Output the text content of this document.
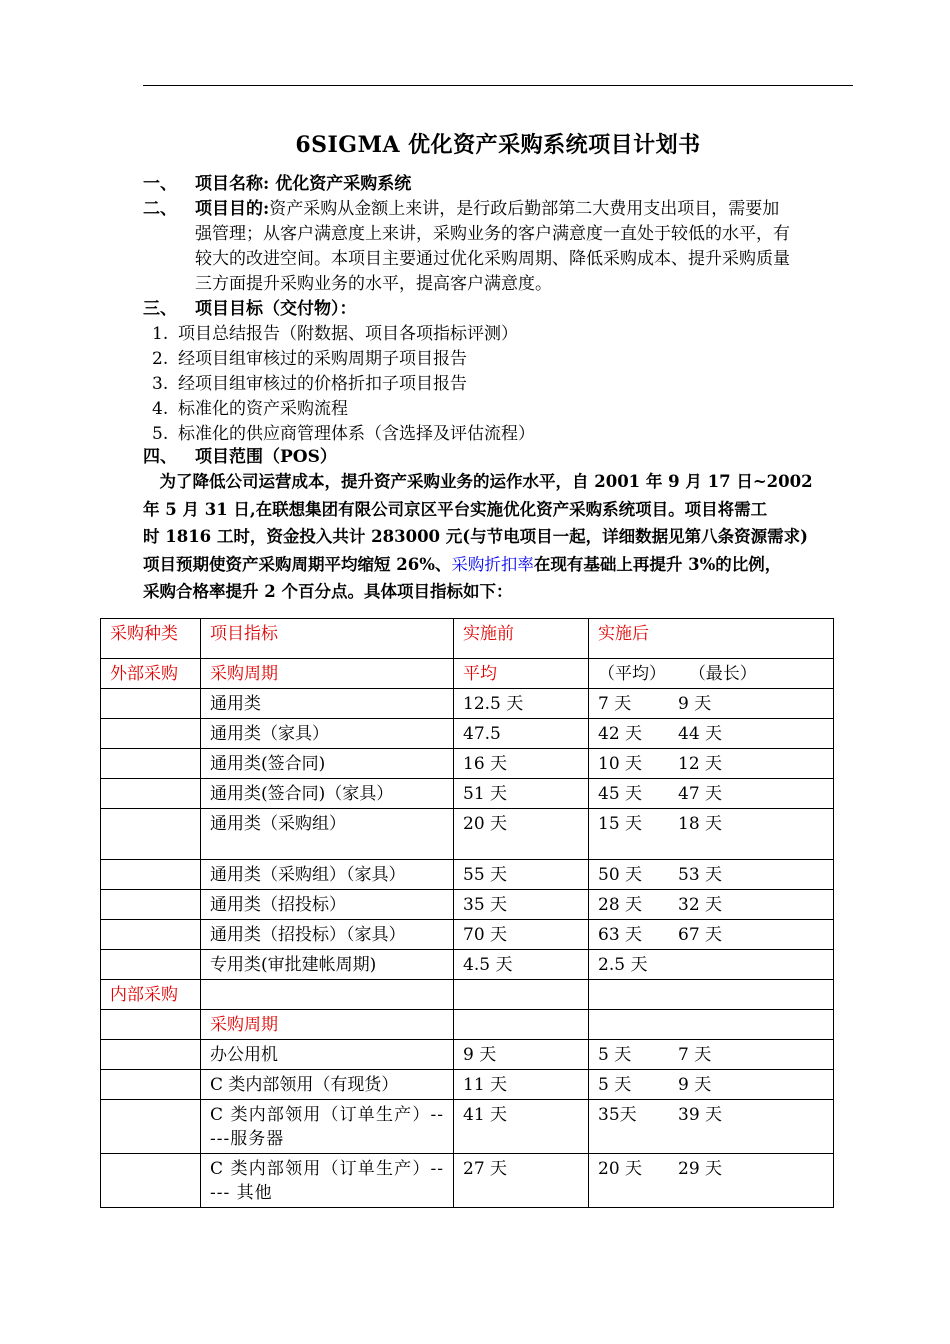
6SIGMA 优化资产采购系统项目计划书
一、 项目名称: 优化资产采购系统
二、 项目目的:资产采购从金额上来讲，是行政后勤部第二大费用支出项目，需要加
强管理；从客户满意度上来讲，采购业务的客户满意度一直处于较低的水平，有
较大的改进空间。本项目主要通过优化采购周期、降低采购成本、提升采购质量
三方面提升采购业务的水平，提高客户满意度。
三、 项目目标（交付物）：
1. 项目总结报告（附数据、项目各项指标评测）
2. 经项目组审核过的采购周期子项目报告
3. 经项目组审核过的价格折扣子项目报告
4. 标准化的资产采购流程
5. 标准化的供应商管理体系（含选择及评估流程）
四、 项目范围（POS）
　为了降低公司运营成本，提升资产采购业务的运作水平，自 2001 年 9 月 17 日~2002
年 5 月 31 日,在联想集团有限公司京区平台实施优化资产采购系统项目。项目将需工
时 1816 工时，资金投入共计 283000 元(与节电项目一起，详细数据见第八条资源需求)
项目预期使资产采购周期平均缩短 26%、采购折扣率在现有基础上再提升 3%的比例，
采购合格率提升 2 个百分点。具体项目指标如下：
采购种类	项目指标	实施前	实施后
外部采购	采购周期	平均	（平均） （最长）
	通用类	12.5 天	7 天 9 天
	通用类（家具）	47.5	42 天 44 天
	通用类(签合同)	16 天	10 天 12 天
	通用类(签合同)（家具）	51 天	45 天 47 天
	通用类（采购组）	20 天	15 天 18 天
	通用类（采购组）（家具）	55 天	50 天 53 天
	通用类（招投标）	35 天	28 天 32 天
	通用类（招投标）（家具）	70 天	63 天 67 天
	专用类(审批建帐周期)	4.5 天	2.5 天
内部采购			
	采购周期		
	办公用机	9 天	5 天 7 天
	C 类内部领用（有现货）	11 天	5 天 9 天
	C 类内部领用（订单生产）-----服务器	41 天	35天 39 天
	C 类内部领用（订单生产）----- 其他	27 天	20 天 29 天
